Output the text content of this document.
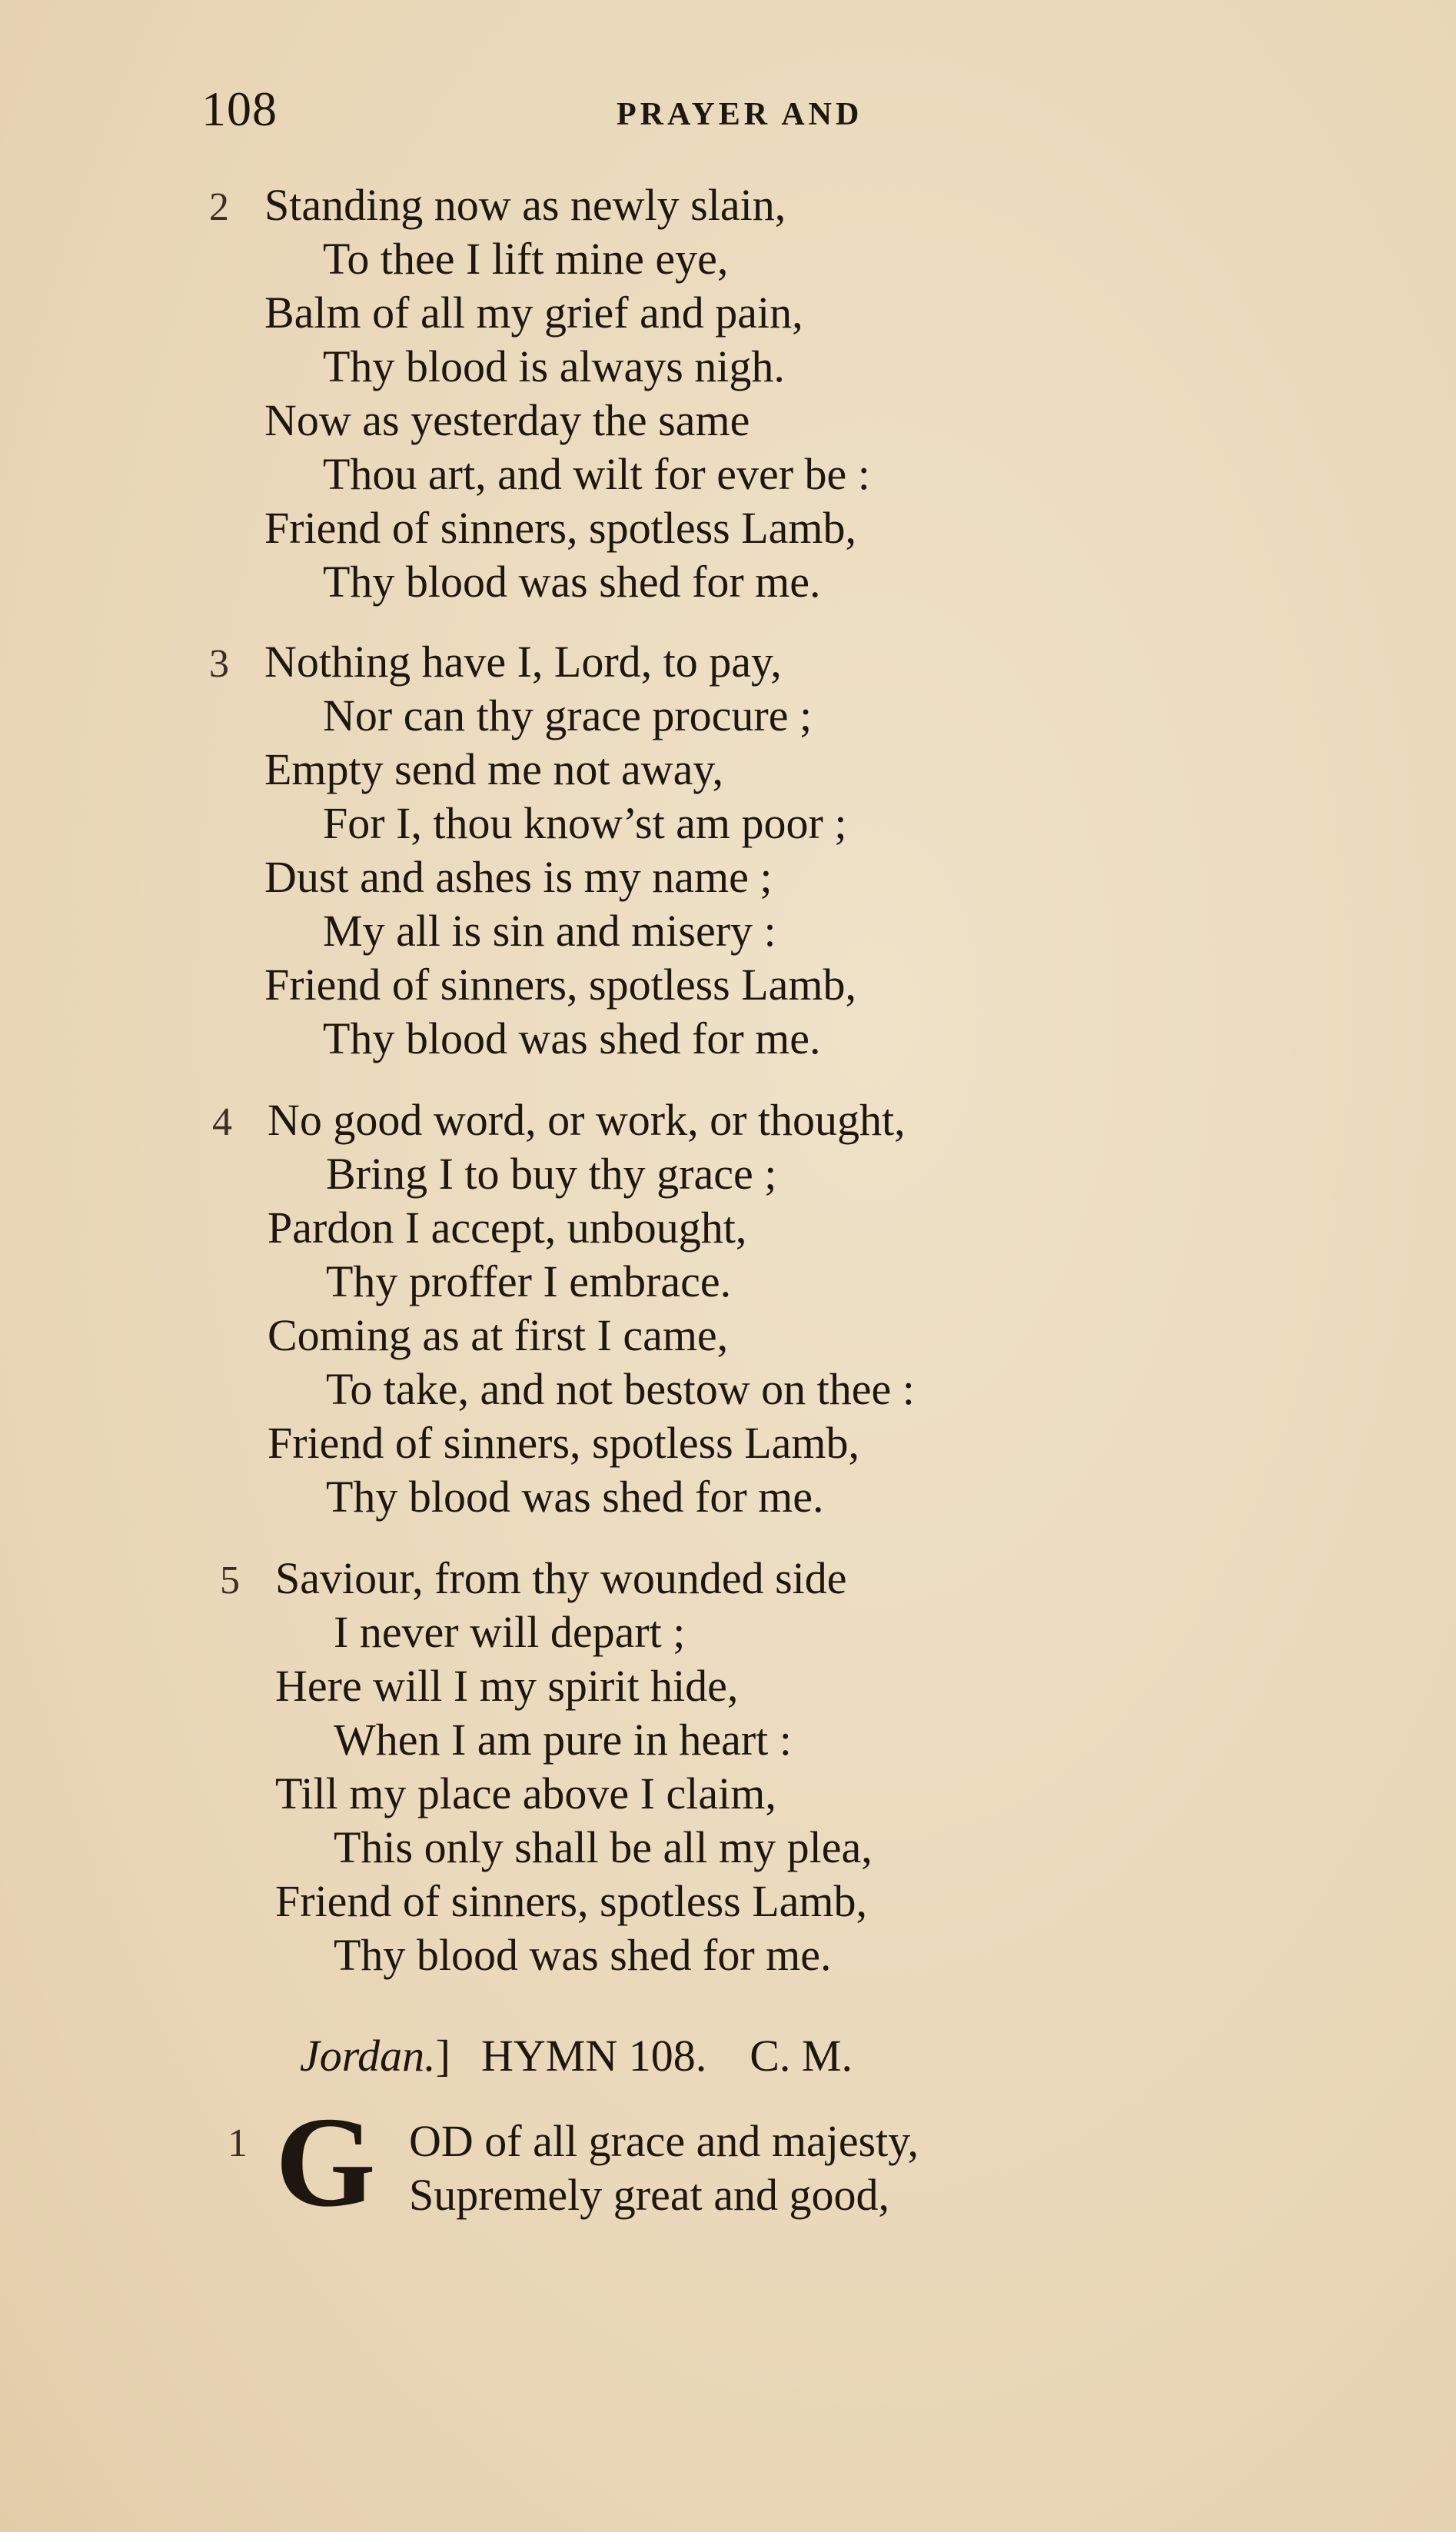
108	PRAYER AND
2 Standing now as newly slain,
To thee I lift mine eye,
Balm of all my grief and pain,
Thy blood is always nigh.
Now as yesterday the same
Thou art, and wilt for ever be :
Friend of sinners, spotless Lamb,
Thy blood was shed for me.
3 Nothing have I, Lord, to pay,
Nor can thy grace procure ;
Empty send me not away,
For I, thou know’st am poor ;
Dust and ashes is my name ;
My all is sin and misery :
Friend of sinners, spotless Lamb,
Thy blood was shed for me.
4 No good word, or work, or thought,
Bring I to buy thy grace ;
Pardon I accept, unbought,
Thy proffer I embrace.
Coming as at first I came,
To take, and not bestow on thee :
Friend of sinners, spotless Lamb,
Thy blood was shed for me.
5 Saviour, from thy wounded side
I never will depart ;
Here will I my spirit hide,
When I am pure in heart :
Till my place above I claim,
This only shall be all my plea,
Friend of sinners, spotless Lamb,
Thy blood was shed for me.
Jordan.] HYMN 108. C. M.
1 G OD of all grace and majesty,
Supremely great and good,
